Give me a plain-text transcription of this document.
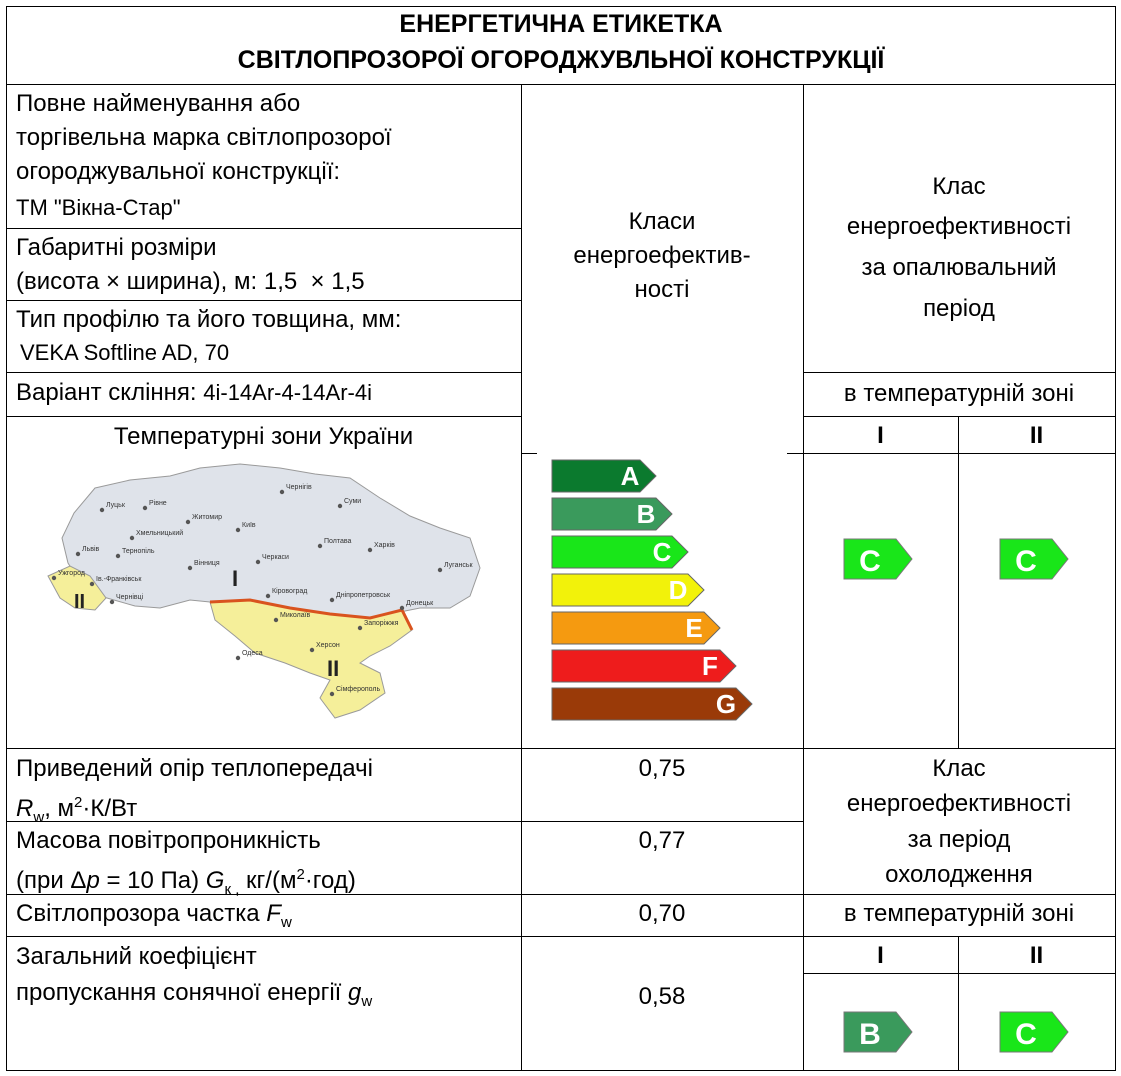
ЕНЕРГЕТИЧНА ЕТИКЕТКА
СВІТЛОПРОЗОРОЇ ОГОРОДЖУВЛЬНОЇ КОНСТРУКЦІЇ
Повне найменування або
торгівельна марка світлопрозорої
огороджувальної конструкції:
ТМ "Вікна-Стар"
Габаритні розміри
(висота × ширина), м: 1,5  × 1,5
Тип профілю та його товщина, мм:
VEKA Softline AD, 70
Варіант скління: 4і-14Ar-4-14Ar-4і
Температурні зони України
Луцьк	Рівне
Житомир
Київ
Чернігів
Суми
Хмельницький
Тернопіль
Львів
Вінниця
Черкаси
Полтава
Харків
Луганськ
Ужгород
Ів.-Франківськ
Чернівці
Кіровоград
Дніпропетровськ
Донецьк
Миколаїв
Запоріжжя
Херсон
Одеса
Сімферополь
I
II
II
Класи
енергоефектив-
ності
A
B
C
D
E
F
G
Клас
енергоефективності
за опалювальний
період
в температурній зоні
I	II
C	C
Приведений опір теплопередачі
$R_w$, $м^2\cdot К/Вт$
0,75
Масова повітропроникність
(при Δp = 10 Па) $G_{к ,}$ $кг/(м^2\cdot год)$
0,77
Світлопрозора частка $F_w$	0,70
Загальний коефіцієнт
пропускання сонячної енергії $g_w$	0,58
Клас
енергоефективності
за період
охолодження
в температурній зоні
I	II
B	C
